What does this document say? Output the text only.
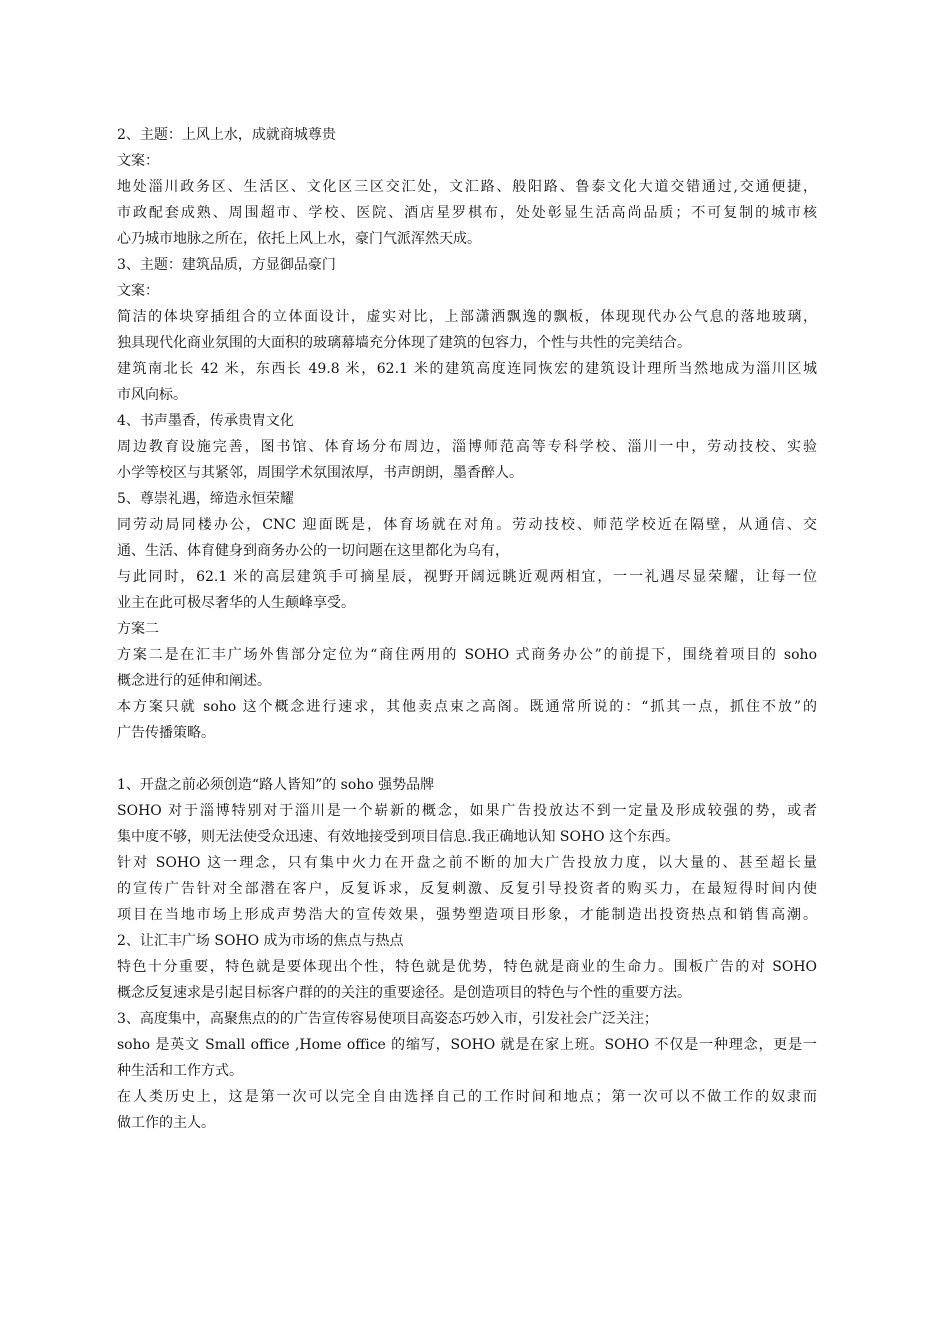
2、主题：上风上水，成就商城尊贵
文案：
地处淄川政务区、生活区、文化区三区交汇处，文汇路、般阳路、鲁泰文化大道交错通过,交通便捷，
市政配套成熟、周围超市、学校、医院、酒店星罗棋布，处处彰显生活高尚品质；不可复制的城市核
心乃城市地脉之所在，依托上风上水，豪门气派浑然天成。
3、主题：建筑品质，方显御品豪门
文案：
简洁的体块穿插组合的立体面设计，虚实对比，上部潇洒飘逸的飘板，体现现代办公气息的落地玻璃，
独具现代化商业氛围的大面积的玻璃幕墙充分体现了建筑的包容力，个性与共性的完美结合。
建筑南北长 42 米，东西长 49.8 米，62.1 米的建筑高度连同恢宏的建筑设计理所当然地成为淄川区城
市风向标。
4、书声墨香，传承贵胄文化
周边教育设施完善，图书馆、体育场分布周边，淄博师范高等专科学校、淄川一中，劳动技校、实验
小学等校区与其紧邻，周围学术氛围浓厚，书声朗朗，墨香醉人。
5、尊崇礼遇，缔造永恒荣耀
同劳动局同楼办公，CNC 迎面既是，体育场就在对角。劳动技校、师范学校近在隔壁，从通信、交
通、生活、体育健身到商务办公的一切问题在这里都化为乌有，
与此同时，62.1 米的高层建筑手可摘星辰，视野开阔远眺近观两相宜，一一礼遇尽显荣耀，让每一位
业主在此可极尽奢华的人生颠峰享受。
方案二
方案二是在汇丰广场外售部分定位为“商住两用的 SOHO 式商务办公”的前提下，围绕着项目的 soho
概念进行的延伸和阐述。
本方案只就 soho 这个概念进行速求，其他卖点束之高阁。既通常所说的：“抓其一点，抓住不放”的
广告传播策略。
1、开盘之前必须创造“路人皆知”的 soho 强势品牌
SOHO 对于淄博特别对于淄川是一个崭新的概念，如果广告投放达不到一定量及形成较强的势，或者
集中度不够，则无法使受众迅速、有效地接受到项目信息.我正确地认知 SOHO 这个东西。
针对 SOHO 这一理念，只有集中火力在开盘之前不断的加大广告投放力度，以大量的、甚至超长量
的宣传广告针对全部潜在客户，反复诉求，反复刺激、反复引导投资者的购买力，在最短得时间内使
项目在当地市场上形成声势浩大的宣传效果，强势塑造项目形象，才能制造出投资热点和销售高潮。
2、让汇丰广场 SOHO 成为市场的焦点与热点
特色十分重要，特色就是要体现出个性，特色就是优势，特色就是商业的生命力。围板广告的对 SOHO
概念反复速求是引起目标客户群的的关注的重要途径。是创造项目的特色与个性的重要方法。
3、高度集中，高聚焦点的的广告宣传容易使项目高姿态巧妙入市，引发社会广泛关注；
soho 是英文 Small office ,Home office 的缩写，SOHO 就是在家上班。SOHO 不仅是一种理念，更是一
种生活和工作方式。
在人类历史上，这是第一次可以完全自由选择自己的工作时间和地点；第一次可以不做工作的奴隶而
做工作的主人。
